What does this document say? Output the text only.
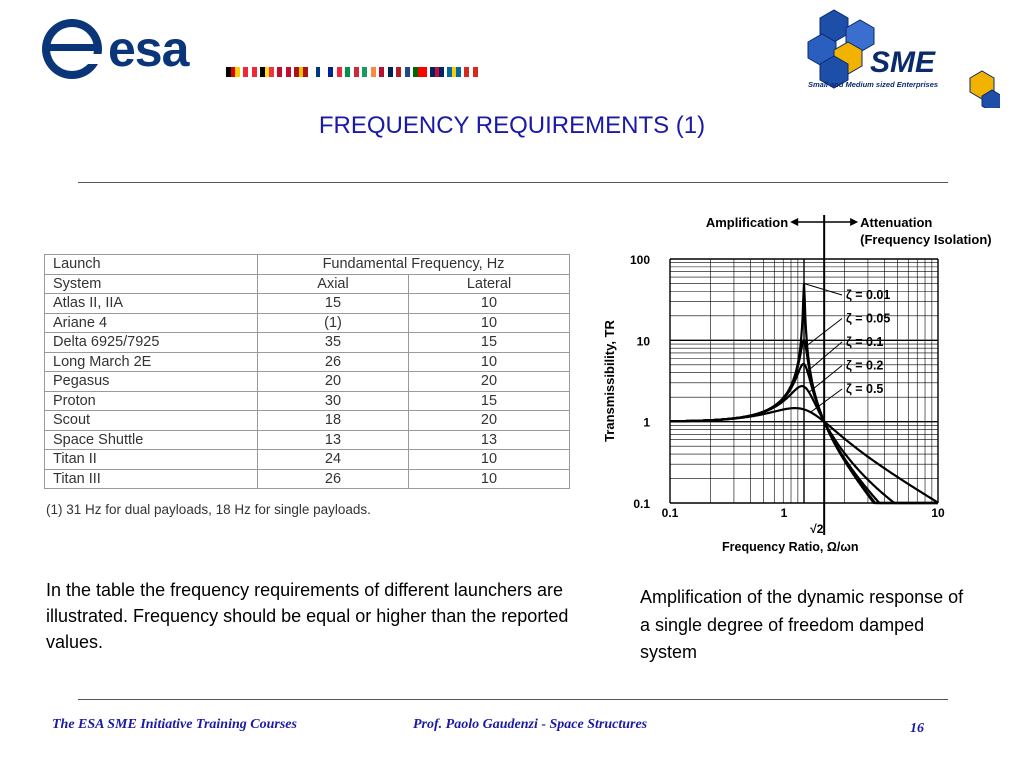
esa	SME
Small and Medium sized Enterprises
FREQUENCY REQUIREMENTS (1)
Launch	Fundamental Frequency, Hz	
System	Axial	Lateral
Atlas II, IIA	15	10
Ariane 4	(1)	10
Delta 6925/7925	35	15
Long March 2E	26	10
Pegasus	20	20
Proton	30	15
Scout	18	20
Space Shuttle	13	13
Titan II	24	10
Titan III	26	10
(1) 31 Hz for dual payloads, 18 Hz for single payloads.
Amplification	Attenuation
(Frequency Isolation)
ζ = 0.01
ζ = 0.05
ζ = 0.1
ζ = 0.2
ζ = 0.5
0.1
1
10
100
0.1	1
√2
10
Frequency Ratio, Ω/ωn
Transmissibility, TR
In the table the frequency requirements of different launchers are illustrated. Frequency should be equal or higher than the reported values.
Amplification of the dynamic response of a single degree of freedom damped system
The ESA SME Initiative Training Courses	Prof. Paolo Gaudenzi - Space Structures	16
